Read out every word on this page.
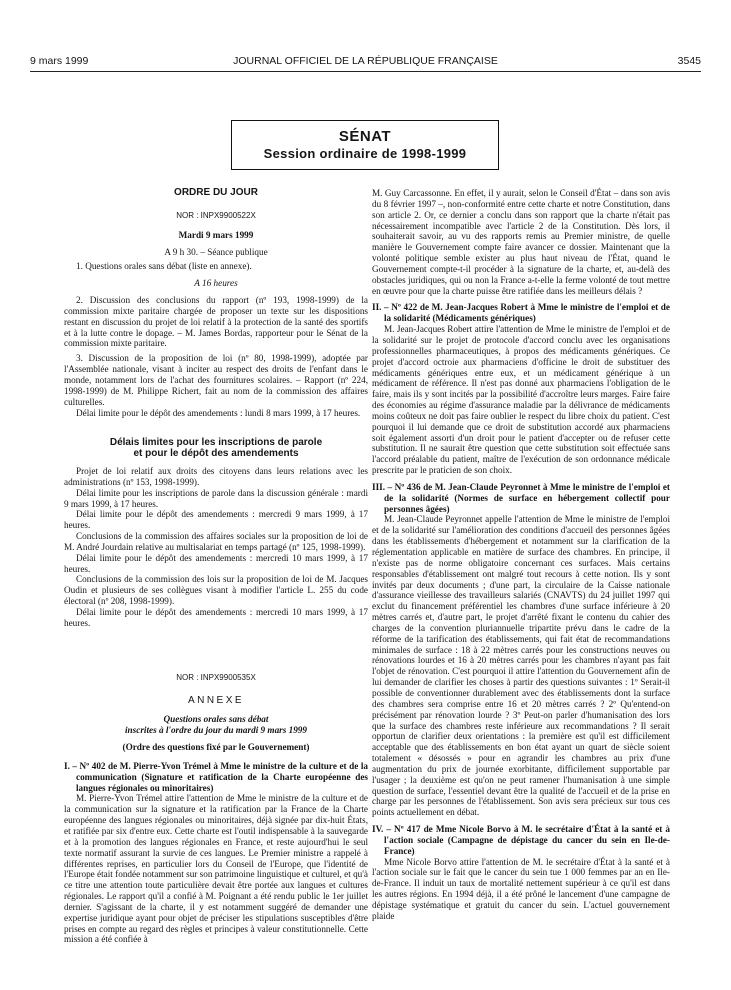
9 mars 1999	JOURNAL OFFICIEL DE LA RÉPUBLIQUE FRANÇAISE	3545
SÉNAT
Session ordinaire de 1998-1999

ORDRE DU JOUR

NOR : INPX9900522X

Mardi 9 mars 1999

A 9 h 30. – Séance publique

1. Questions orales sans débat (liste en annexe).

A 16 heures

2. Discussion des conclusions du rapport (nº 193, 1998-1999) de la commission mixte paritaire chargée de proposer un texte sur les dispositions restant en discussion du projet de loi relatif à la protection de la santé des sportifs et à la lutte contre le dopage. – M. James Bordas, rapporteur pour le Sénat de la commission mixte paritaire.

3. Discussion de la proposition de loi (nº 80, 1998-1999), adoptée par l'Assemblée nationale, visant à inciter au respect des droits de l'enfant dans le monde, notamment lors de l'achat des fournitures scolaires. – Rapport (nº 224, 1998-1999) de M. Philippe Richert, fait au nom de la commission des affaires culturelles.

Délai limite pour le dépôt des amendements : lundi 8 mars 1999, à 17 heures.

Délais limites pour les inscriptions de parole

et pour le dépôt des amendements

Projet de loi relatif aux droits des citoyens dans leurs relations avec les administrations (nº 153, 1998-1999).

Délai limite pour les inscriptions de parole dans la discussion générale : mardi 9 mars 1999, à 17 heures.

Délai limite pour le dépôt des amendements : mercredi 9 mars 1999, à 17 heures.

Conclusions de la commission des affaires sociales sur la proposition de loi de M. André Jourdain relative au multisalariat en temps partagé (nº 125, 1998-1999).

Délai limite pour le dépôt des amendements : mercredi 10 mars 1999, à 17 heures.

Conclusions de la commission des lois sur la proposition de loi de M. Jacques Oudin et plusieurs de ses collègues visant à modifier l'article L. 255 du code électoral (nº 208, 1998-1999).

Délai limite pour le dépôt des amendements : mercredi 10 mars 1999, à 17 heures.

NOR : INPX9900535X

ANNEXE

Questions orales sans débat

inscrites à l'ordre du jour du mardi 9 mars 1999

(Ordre des questions fixé par le Gouvernement)

I. – Nº 402 de M. Pierre-Yvon Trémel à Mme le ministre de la culture et de la communication (Signature et ratification de la Charte européenne des langues régionales ou minoritaires)
M. Pierre-Yvon Trémel attire l'attention de Mme le ministre de la culture et de la communication sur la signature et la ratification par la France de la Charte européenne des langues régionales ou minoritaires, déjà signée par dix-huit États, et ratifiée par six d'entre eux. Cette charte est l'outil indispensable à la sauvegarde et à la promotion des langues régionales en France, et reste aujourd'hui le seul texte normatif assurant la survie de ces langues. Le Premier ministre a rappelé à différentes reprises, en particulier lors du Conseil de l'Europe, que l'identité de l'Europe était fondée notamment sur son patrimoine linguistique et culturel, et qu'à ce titre une attention toute particulière devait être portée aux langues et cultures régionales. Le rapport qu'il a confié à M. Poignant a été rendu public le 1er juillet dernier. S'agissant de la charte, il y est notamment suggéré de demander une expertise juridique ayant pour objet de préciser les stipulations susceptibles d'être prises en compte au regard des règles et principes à valeur constitutionnelle. Cette mission a été confiée à

M. Guy Carcassonne. En effet, il y aurait, selon le Conseil d'État – dans son avis du 8 février 1997 –, non-conformité entre cette charte et notre Constitution, dans son article 2. Or, ce dernier a conclu dans son rapport que la charte n'était pas nécessairement incompatible avec l'article 2 de la Constitution. Dès lors, il souhaiterait savoir, au vu des rapports remis au Premier ministre, de quelle manière le Gouvernement compte faire avancer ce dossier. Maintenant que la volonté politique semble exister au plus haut niveau de l'État, quand le Gouvernement compte-t-il procéder à la signature de la charte, et, au-delà des obstacles juridiques, qui ou non la France a-t-elle la ferme volonté de tout mettre en œuvre pour que la charte puisse être ratifiée dans les meilleurs délais ?

II. – Nº 422 de M. Jean-Jacques Robert à Mme le ministre de l'emploi et de la solidarité (Médicaments génériques)
M. Jean-Jacques Robert attire l'attention de Mme le ministre de l'emploi et de la solidarité sur le projet de protocole d'accord conclu avec les organisations professionnelles pharmaceutiques, à propos des médicaments génériques. Ce projet d'accord octroie aux pharmaciens d'officine le droit de substituer des médicaments génériques entre eux, et un médicament générique à un médicament de référence. Il n'est pas donné aux pharmaciens l'obligation de le faire, mais ils y sont incités par la possibilité d'accroître leurs marges. Faire faire des économies au régime d'assurance maladie par la délivrance de médicaments moins coûteux ne doit pas faire oublier le respect du libre choix du patient. C'est pourquoi il lui demande que ce droit de substitution accordé aux pharmaciens soit également assorti d'un droit pour le patient d'accepter ou de refuser cette substitution. Il ne saurait être question que cette substitution soit effectuée sans l'accord préalable du patient, maître de l'exécution de son ordonnance médicale prescrite par le praticien de son choix.
III. – Nº 436 de M. Jean-Claude Peyronnet à Mme le ministre de l'emploi et de la solidarité (Normes de surface en hébergement collectif pour personnes âgées)
M. Jean-Claude Peyronnet appelle l'attention de Mme le ministre de l'emploi et de la solidarité sur l'amélioration des conditions d'accueil des personnes âgées dans les établissements d'hébergement et notamment sur la clarification de la réglementation applicable en matière de surface des chambres. En principe, il n'existe pas de norme obligatoire concernant ces surfaces. Mais certains responsables d'établissement ont malgré tout recours à cette notion. Ils y sont invités par deux documents ; d'une part, la circulaire de la Caisse nationale d'assurance vieillesse des travailleurs salariés (CNAVTS) du 24 juillet 1997 qui exclut du financement préférentiel les chambres d'une surface inférieure à 20 mètres carrés et, d'autre part, le projet d'arrêté fixant le contenu du cahier des charges de la convention pluriannuelle tripartite prévu dans le cadre de la réforme de la tarification des établissements, qui fait état de recommandations minimales de surface : 18 à 22 mètres carrés pour les constructions neuves ou rénovations lourdes et 16 à 20 mètres carrés pour les chambres n'ayant pas fait l'objet de rénovation. C'est pourquoi il attire l'attention du Gouvernement afin de lui demander de clarifier les choses à partir des questions suivantes : 1º Serait-il possible de conventionner durablement avec des établissements dont la surface des chambres sera comprise entre 16 et 20 mètres carrés ? 2º Qu'entend-on précisément par rénovation lourde ? 3º Peut-on parler d'humanisation des lors que la surface des chambres reste inférieure aux recommandations ? Il serait opportun de clarifier deux orientations : la première est qu'il est difficilement acceptable que des établissements en bon état ayant un quart de siècle soient totalement « désossés » pour en agrandir les chambres au prix d'une augmentation du prix de journée exorbitante, difficilement supportable par l'usager ; la deuxième est qu'on ne peut ramener l'humanisation à une simple question de surface, l'essentiel devant être la qualité de l'accueil et de la prise en charge par les personnes de l'établissement. Son avis sera précieux sur tous ces points actuellement en débat.
IV. – Nº 417 de Mme Nicole Borvo à M. le secrétaire d'État à la santé et à l'action sociale (Campagne de dépistage du cancer du sein en Ile-de-France)
Mme Nicole Borvo attire l'attention de M. le secrétaire d'État à la santé et à l'action sociale sur le fait que le cancer du sein tue 1 000 femmes par an en Ile-de-France. Il induit un taux de mortalité nettement supérieur à ce qu'il est dans les autres régions. En 1994 déjà, il a été prôné le lancement d'une campagne de dépistage systématique et gratuit du cancer du sein. L'actuel gouvernement plaide
